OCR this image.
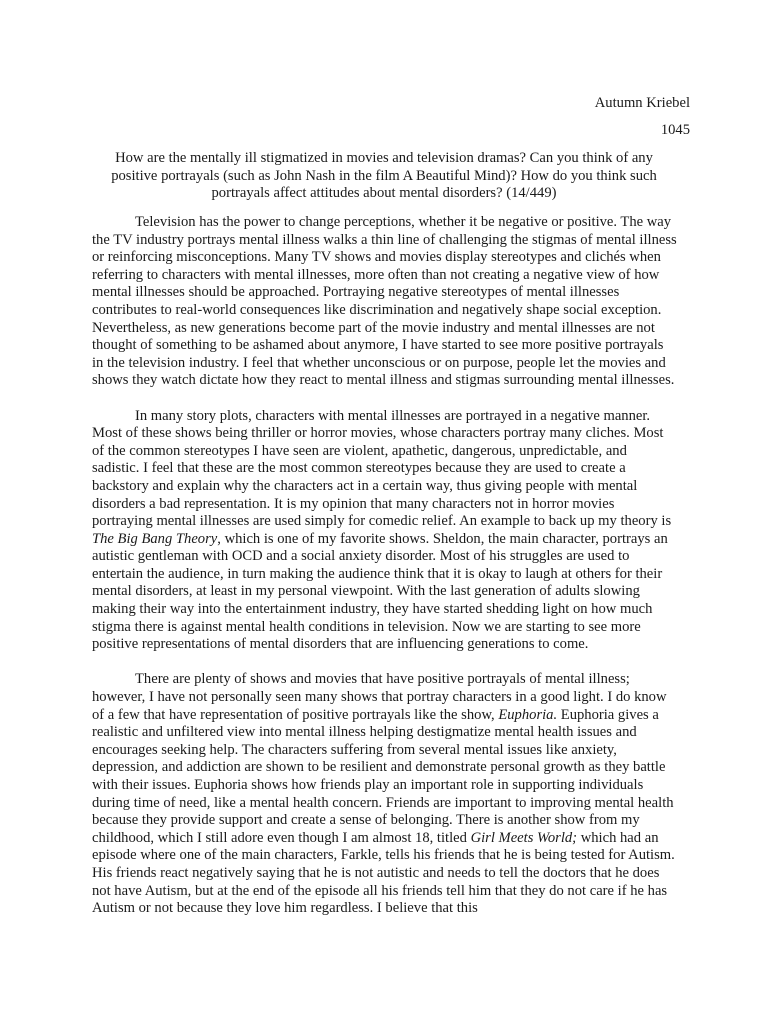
Autumn Kriebel
1045
How are the mentally ill stigmatized in movies and television dramas? Can you think of any positive portrayals (such as John Nash in the film A Beautiful Mind)? How do you think such portrayals affect attitudes about mental disorders? (14/449)

Television has the power to change perceptions, whether it be negative or positive. The way the TV industry portrays mental illness walks a thin line of challenging the stigmas of mental illness or reinforcing misconceptions. Many TV shows and movies display stereotypes and clichés when referring to characters with mental illnesses, more often than not creating a negative view of how mental illnesses should be approached. Portraying negative stereotypes of mental illnesses contributes to real-world consequences like discrimination and negatively shape social exception. Nevertheless, as new generations become part of the movie industry and mental illnesses are not thought of something to be ashamed about anymore, I have started to see more positive portrayals in the television industry. I feel that whether unconscious or on purpose, people let the movies and shows they watch dictate how they react to mental illness and stigmas surrounding mental illnesses.

In many story plots, characters with mental illnesses are portrayed in a negative manner. Most of these shows being thriller or horror movies, whose characters portray many cliches. Most of the common stereotypes I have seen are violent, apathetic, dangerous, unpredictable, and sadistic. I feel that these are the most common stereotypes because they are used to create a backstory and explain why the characters act in a certain way, thus giving people with mental disorders a bad representation. It is my opinion that many characters not in horror movies portraying mental illnesses are used simply for comedic relief. An example to back up my theory is The Big Bang Theory, which is one of my favorite shows. Sheldon, the main character, portrays an autistic gentleman with OCD and a social anxiety disorder. Most of his struggles are used to entertain the audience, in turn making the audience think that it is okay to laugh at others for their mental disorders, at least in my personal viewpoint. With the last generation of adults slowing making their way into the entertainment industry, they have started shedding light on how much stigma there is against mental health conditions in television. Now we are starting to see more positive representations of mental disorders that are influencing generations to come.

There are plenty of shows and movies that have positive portrayals of mental illness; however, I have not personally seen many shows that portray characters in a good light. I do know of a few that have representation of positive portrayals like the show, Euphoria. Euphoria gives a realistic and unfiltered view into mental illness helping destigmatize mental health issues and encourages seeking help. The characters suffering from several mental issues like anxiety, depression, and addiction are shown to be resilient and demonstrate personal growth as they battle with their issues. Euphoria shows how friends play an important role in supporting individuals during time of need, like a mental health concern. Friends are important to improving mental health because they provide support and create a sense of belonging. There is another show from my childhood, which I still adore even though I am almost 18, titled Girl Meets World; which had an episode where one of the main characters, Farkle, tells his friends that he is being tested for Autism. His friends react negatively saying that he is not autistic and needs to tell the doctors that he does not have Autism, but at the end of the episode all his friends tell him that they do not care if he has Autism or not because they love him regardless. I believe that this
